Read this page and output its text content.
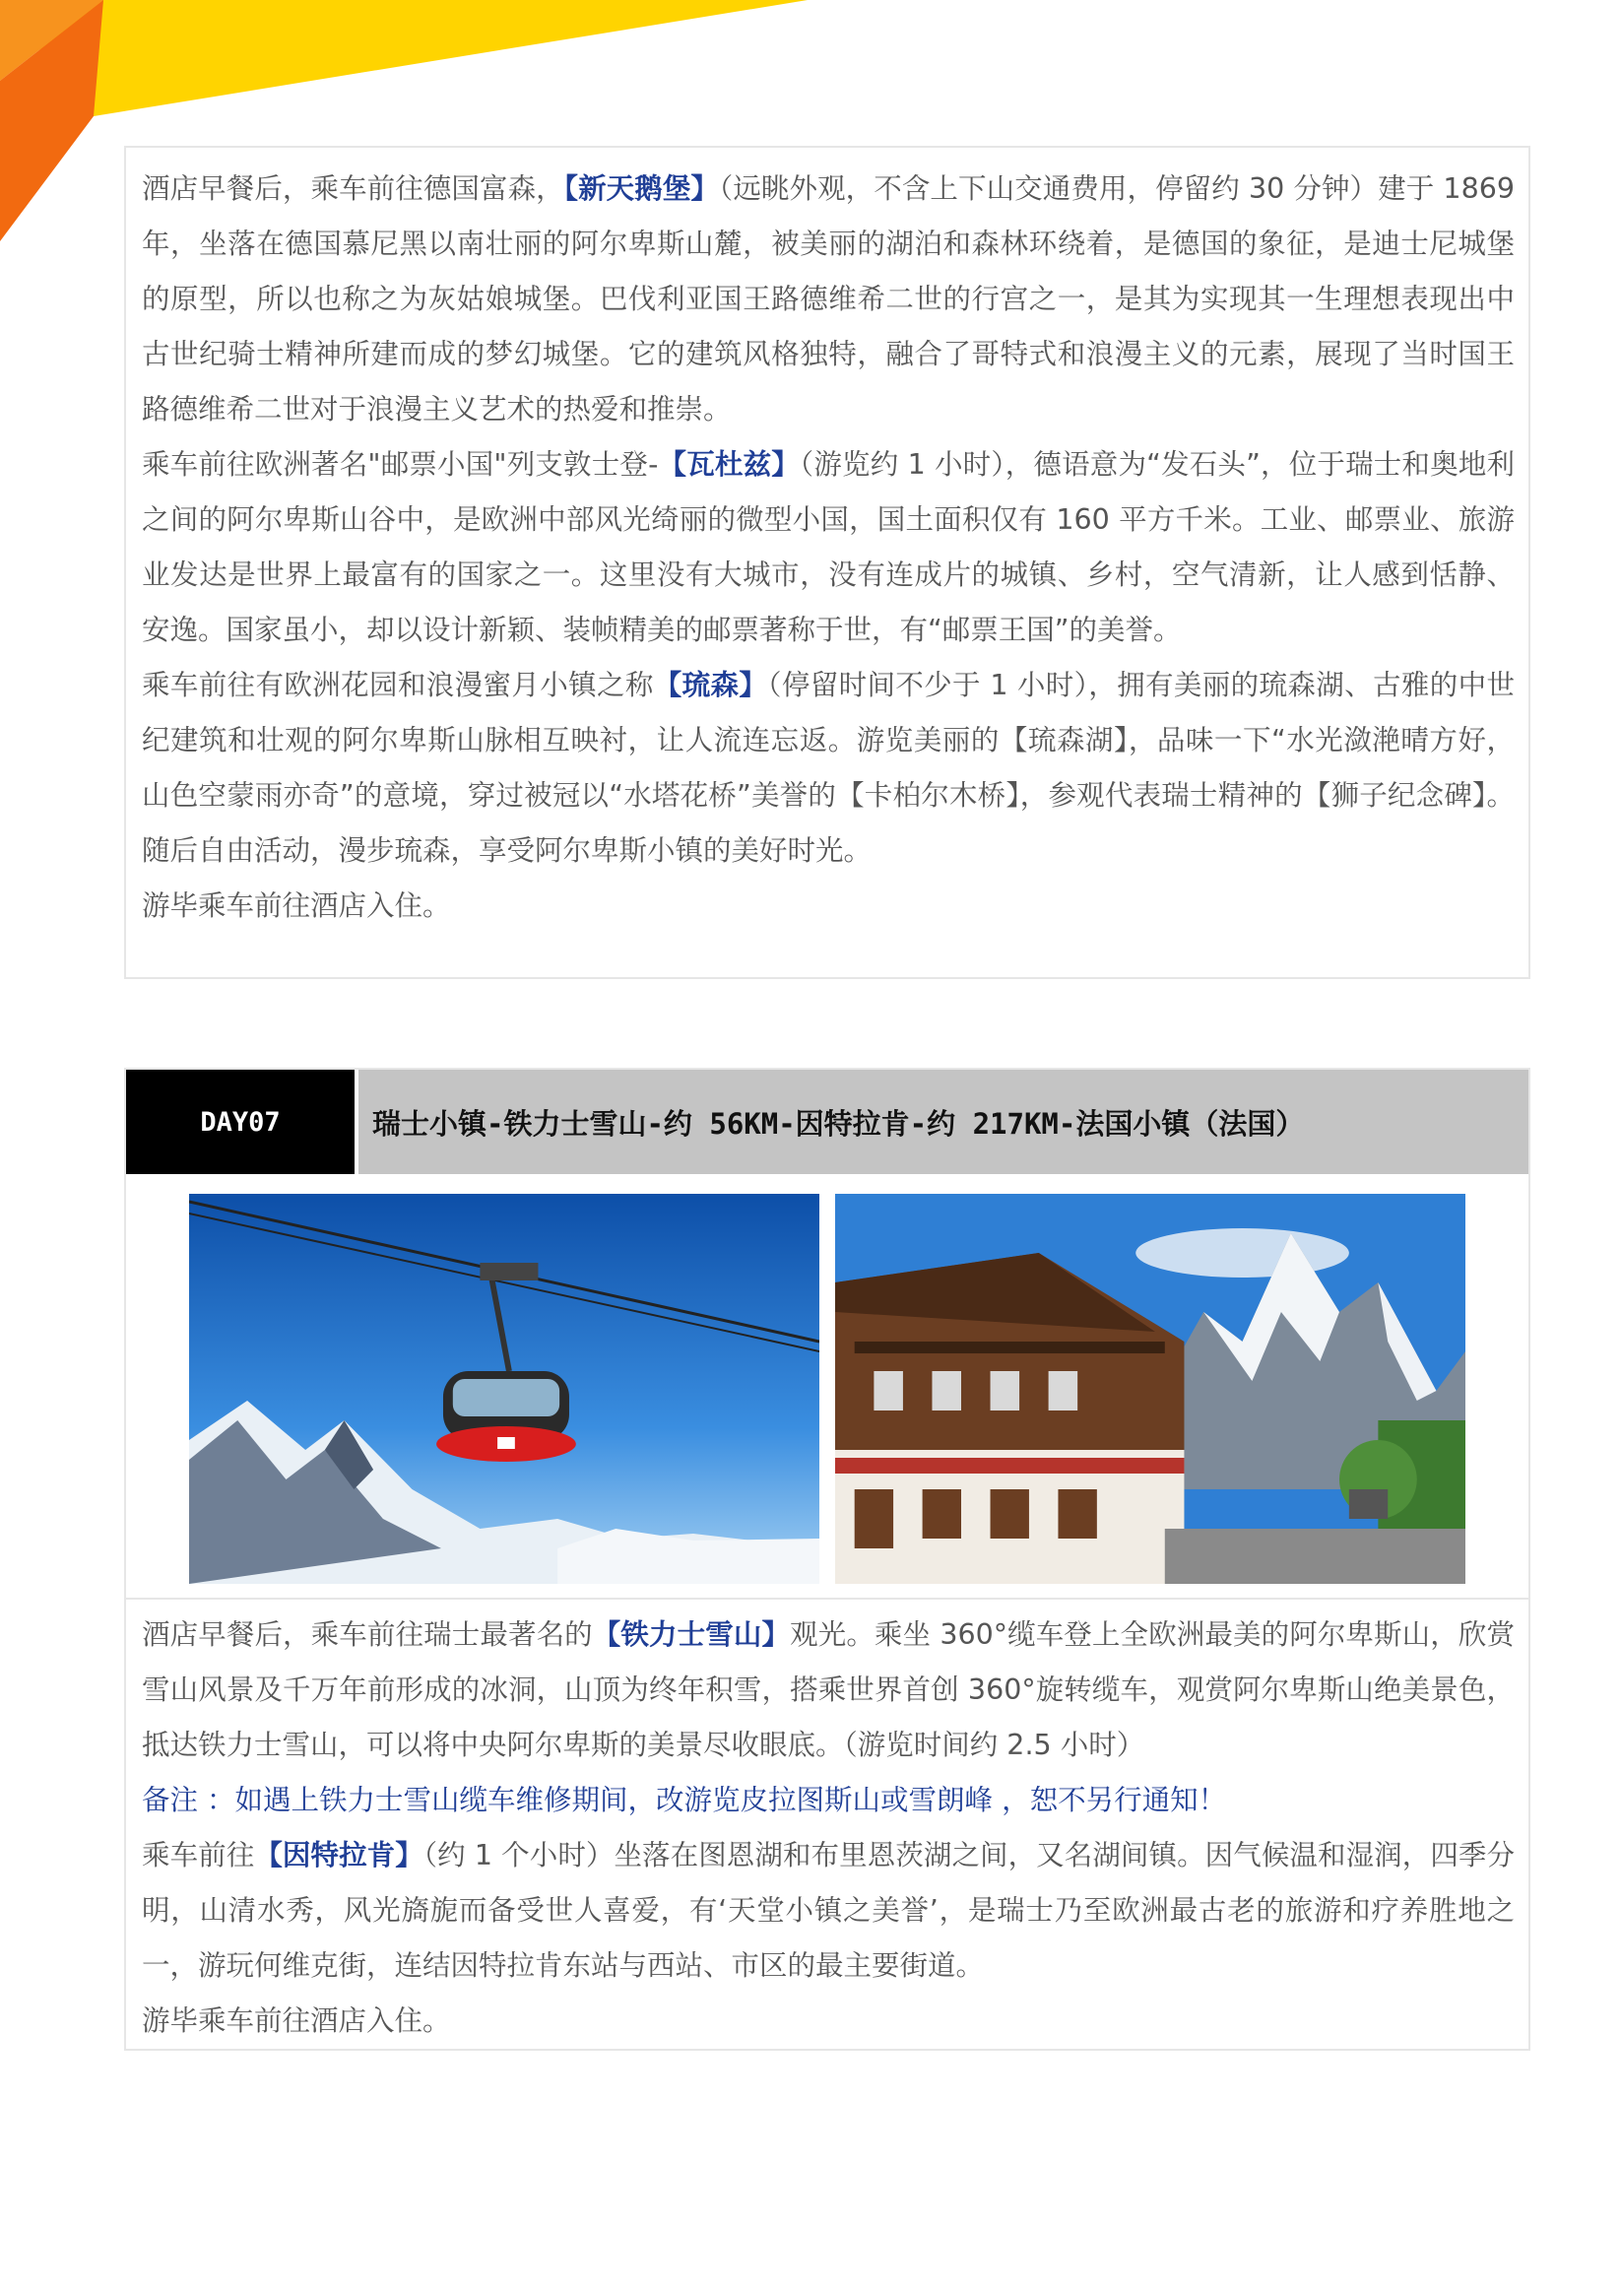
酒店早餐后，乘车前往德国富森，【新天鹅堡】（远眺外观，不含上下山交通费用，停留约 30 分钟）建于 1869 年，坐落在德国慕尼黑以南壮丽的阿尔卑斯山麓，被美丽的湖泊和森林环绕着，是德国的象征，是迪士尼城堡的原型，所以也称之为灰姑娘城堡。巴伐利亚国王路德维希二世的行宫之一，是其为实现其一生理想表现出中古世纪骑士精神所建而成的梦幻城堡。它的建筑风格独特，融合了哥特式和浪漫主义的元素，展现了当时国王路德维希二世对于浪漫主义艺术的热爱和推崇。

乘车前往欧洲著名"邮票小国"列支敦士登-【瓦杜兹】（游览约 1 小时），德语意为“发石头”，位于瑞士和奥地利之间的阿尔卑斯山谷中，是欧洲中部风光绮丽的微型小国，国土面积仅有 160 平方千米。工业、邮票业、旅游业发达是世界上最富有的国家之一。这里没有大城市，没有连成片的城镇、乡村，空气清新，让人感到恬静、安逸。国家虽小，却以设计新颖、装帧精美的邮票著称于世，有“邮票王国”的美誉。

乘车前往有欧洲花园和浪漫蜜月小镇之称【琉森】（停留时间不少于 1 小时），拥有美丽的琉森湖、古雅的中世纪建筑和壮观的阿尔卑斯山脉相互映衬，让人流连忘返。游览美丽的【琉森湖】，品味一下“水光潋滟晴方好，山色空蒙雨亦奇”的意境，穿过被冠以“水塔花桥”美誉的【卡柏尔木桥】，参观代表瑞士精神的【狮子纪念碑】。随后自由活动，漫步琉森，享受阿尔卑斯小镇的美好时光。

游毕乘车前往酒店入住。

DAY07	瑞士小镇-铁力士雪山-约 56KM-因特拉肯-约 217KM-法国小镇（法国）

酒店早餐后，乘车前往瑞士最著名的【铁力士雪山】观光。乘坐 360°缆车登上全欧洲最美的阿尔卑斯山，欣赏雪山风景及千万年前形成的冰洞，山顶为终年积雪，搭乘世界首创 360°旋转缆车，观赏阿尔卑斯山绝美景色，抵达铁力士雪山，可以将中央阿尔卑斯的美景尽收眼底。（游览时间约 2.5 小时）

备注 ：如遇上铁力士雪山缆车维修期间，改游览皮拉图斯山或雪朗峰 ，恕不另行通知！

乘车前往【因特拉肯】（约 1 个小时）坐落在图恩湖和布里恩茨湖之间，又名湖间镇。因气候温和湿润，四季分明，山清水秀，风光旖旎而备受世人喜爱，有‘天堂小镇之美誉’，是瑞士乃至欧洲最古老的旅游和疗养胜地之一，游玩何维克街，连结因特拉肯东站与西站、市区的最主要街道。

游毕乘车前往酒店入住。
